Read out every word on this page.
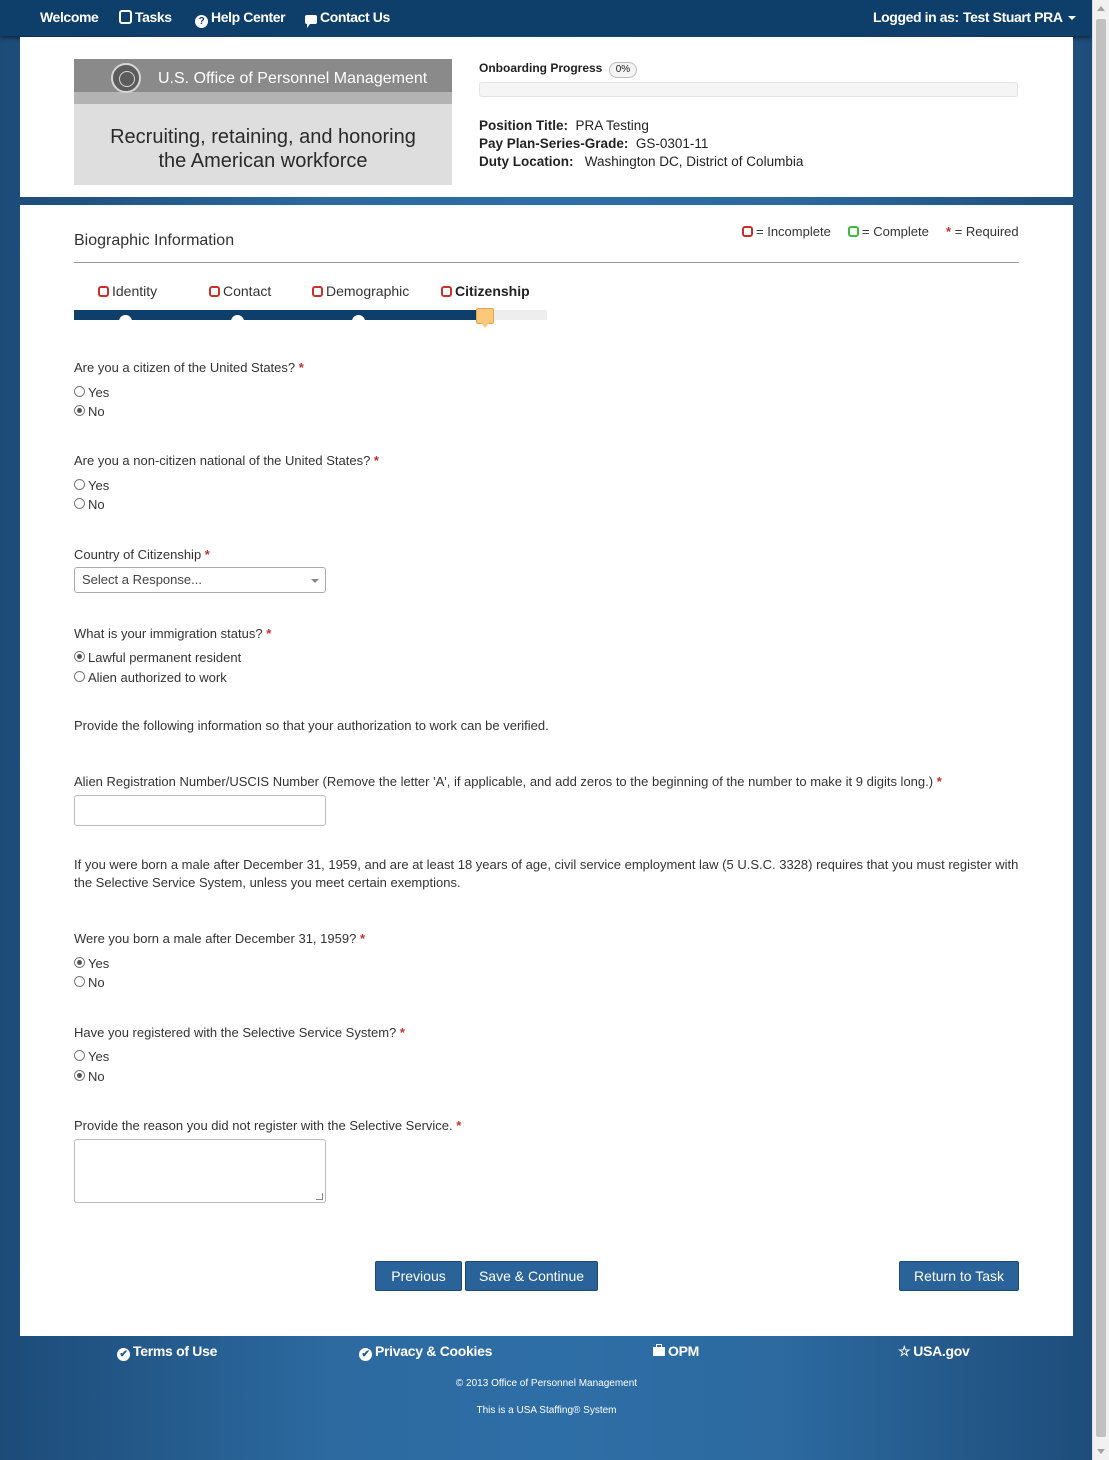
Welcome	Tasks	? Help Center	Contact Us	Logged in as: Test Stuart PRA
U.S. Office of Personnel Management
Recruiting, retaining, and honoring
the American workforce
Onboarding Progress 0%
Position Title: PRA Testing
Pay Plan-Series-Grade: GS-0301-11
Duty Location: Washington DC, District of Columbia
Biographic Information
= Incomplete	= Complete * = Required
Identity	Contact	Demographic	Citizenship
Are you a citizen of the United States? *
Yes
No
Are you a non-citizen national of the United States? *
Yes
No
Country of Citizenship *
Select a Response...
What is your immigration status? *
Lawful permanent resident
Alien authorized to work
Provide the following information so that your authorization to work can be verified.
Alien Registration Number/USCIS Number (Remove the letter 'A', if applicable, and add zeros to the beginning of the number to make it 9 digits long.) *
If you were born a male after December 31, 1959, and are at least 18 years of age, civil service employment law (5 U.S.C. 3328) requires that you must register with the Selective Service System, unless you meet certain exemptions.
Were you born a male after December 31, 1959? *
Yes
No
Have you registered with the Selective Service System? *
Yes
No
Provide the reason you did not register with the Selective Service. *
Previous	Save & Continue	Return to Task
✔ Terms of Use	✔ Privacy & Cookies	OPM	☆ USA.gov
© 2013 Office of Personnel Management
This is a USA Staffing® System
